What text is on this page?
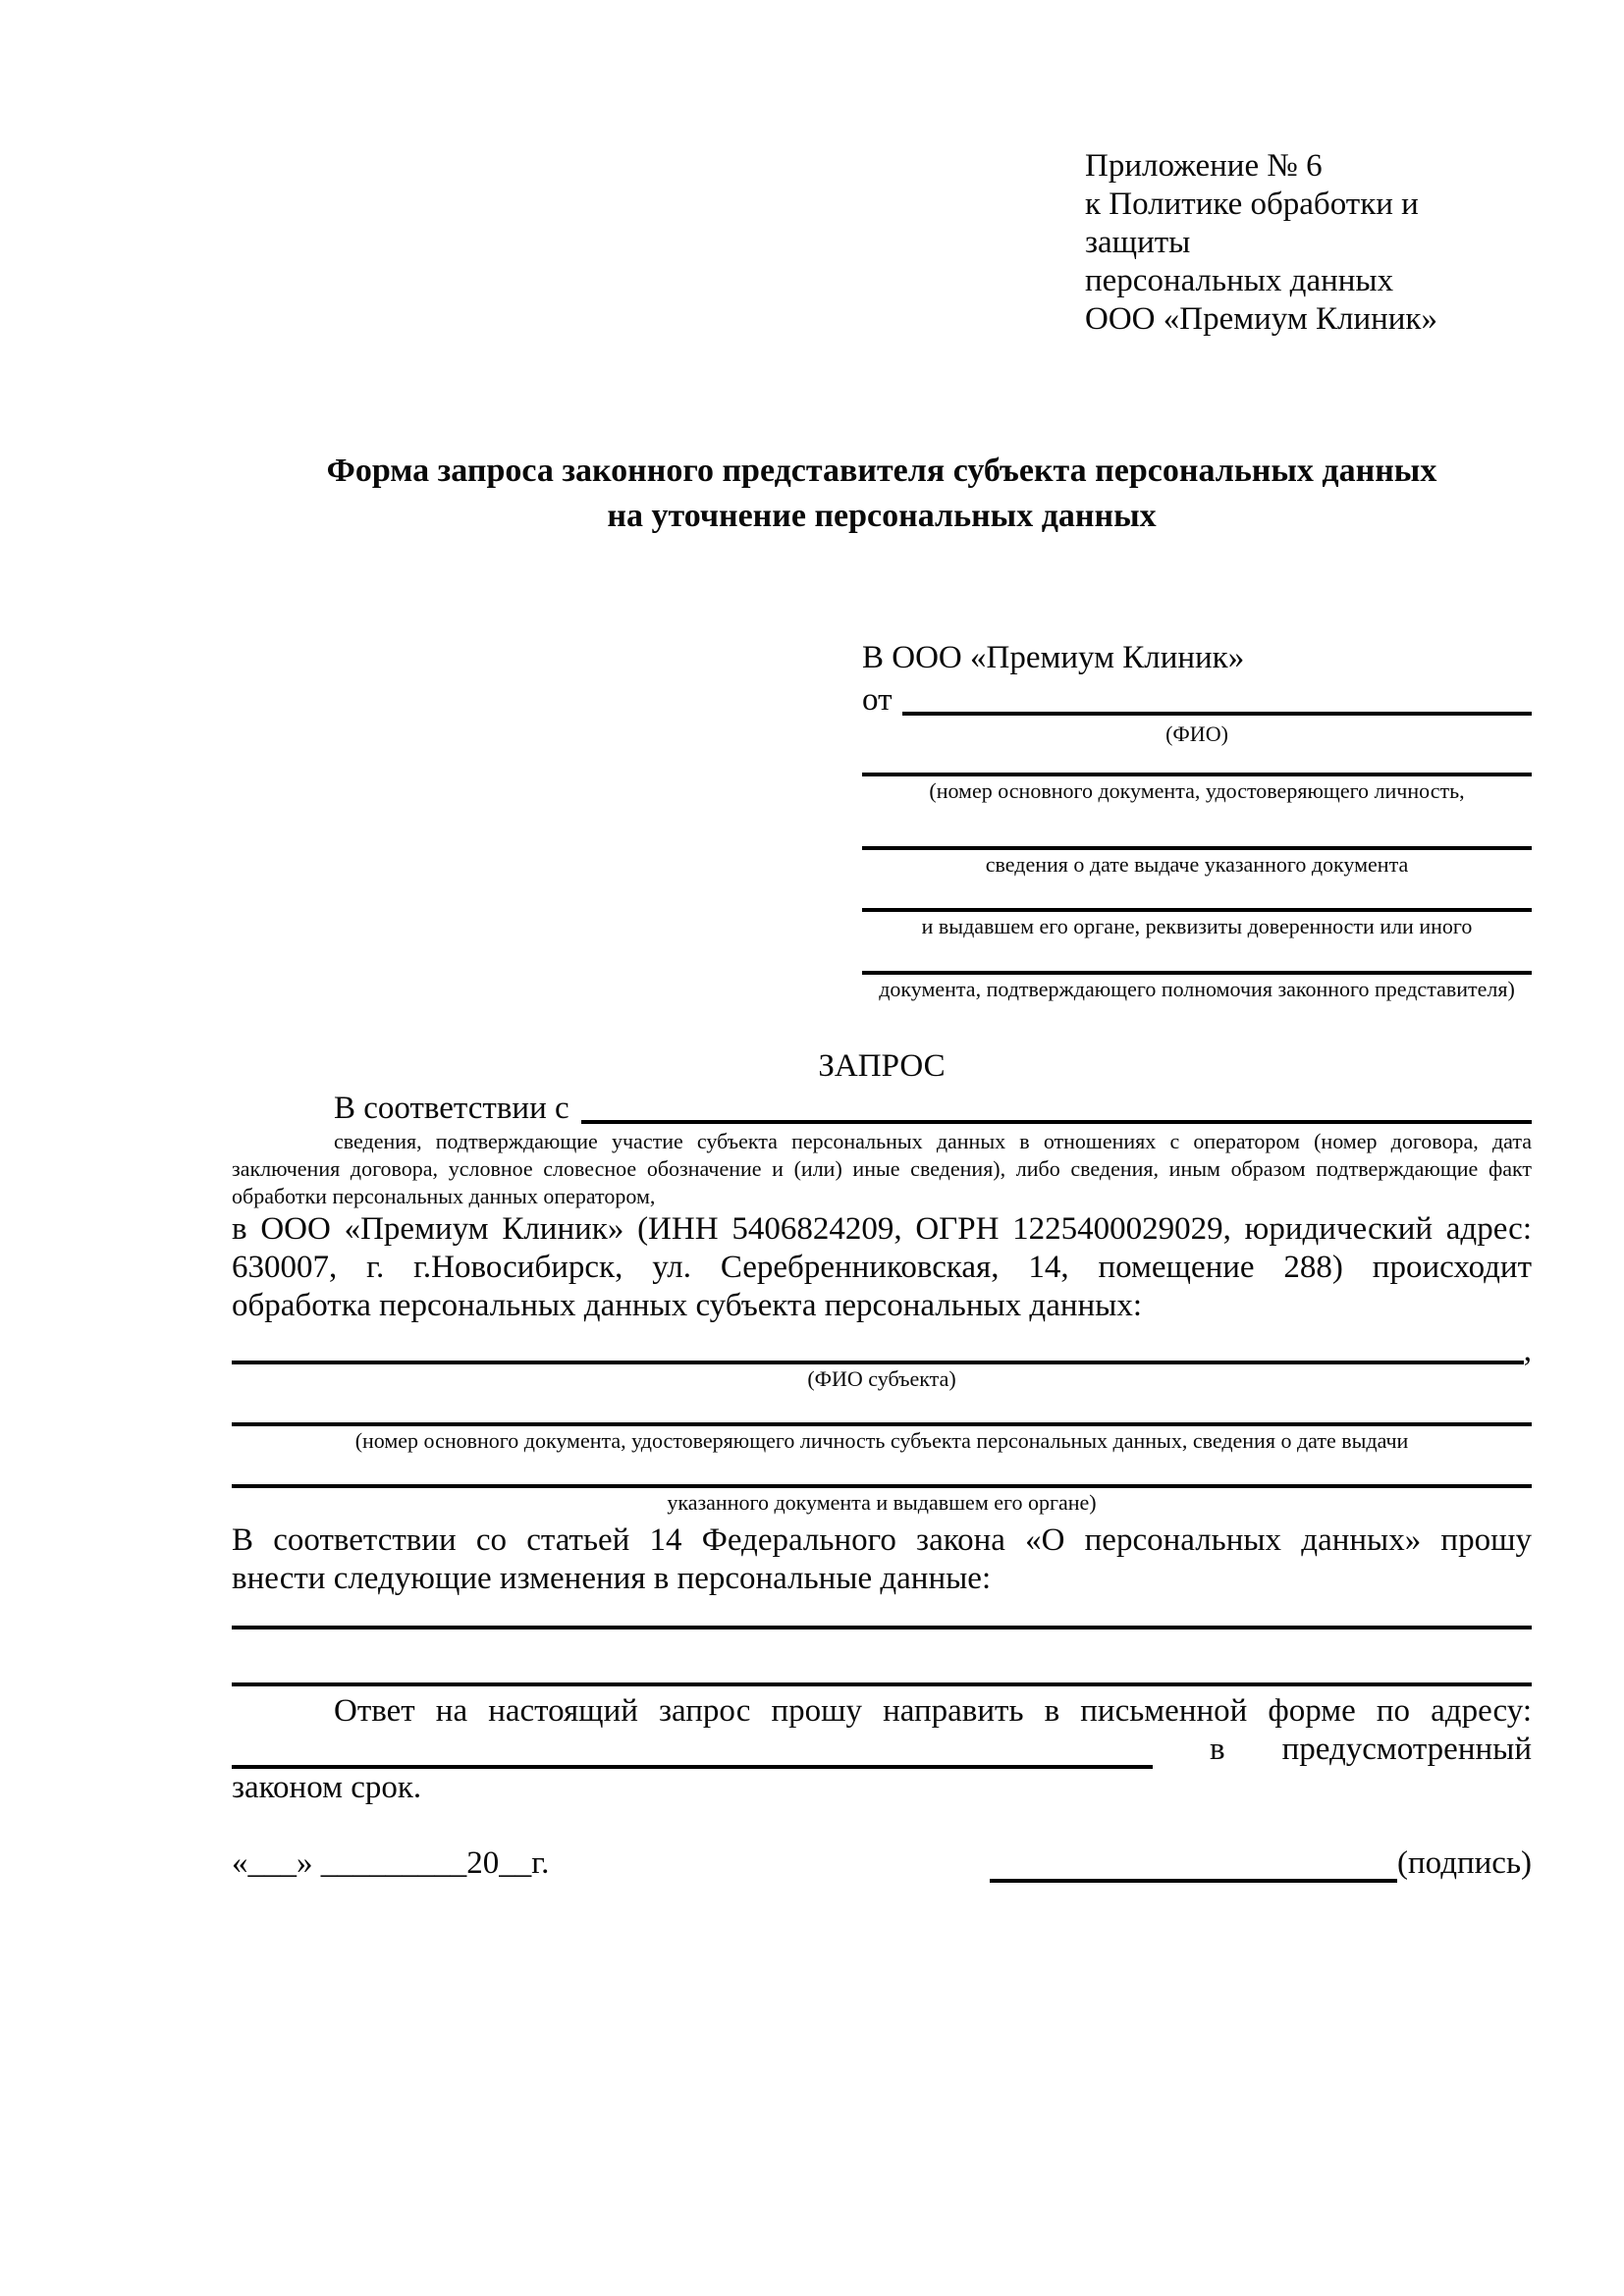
Приложение № 6
к Политике обработки и защиты
персональных данных
ООО «Премиум Клиник»
Форма запроса законного представителя субъекта персональных данных
на уточнение персональных данных
В ООО «Премиум Клиник»
от
(ФИО)
(номер основного документа, удостоверяющего личность,
сведения о дате выдаче указанного документа
и выдавшем его органе, реквизиты доверенности или иного
документа, подтверждающего полномочия законного представителя)
ЗАПРОС
В соответствии с
сведения, подтверждающие участие субъекта персональных данных в отношениях с оператором (номер договора, дата
заключения договора, условное словесное обозначение и (или) иные сведения), либо сведения, иным образом подтверждающие факт
обработки персональных данных оператором,
в ООО «Премиум Клиник» (ИНН 5406824209, ОГРН 1225400029029, юридический адрес:
630007, г. г.Новосибирск, ул. Серебренниковская, 14, помещение 288) происходит
обработка персональных данных субъекта персональных данных:
,
(ФИО субъекта)
(номер основного документа, удостоверяющего личность субъекта персональных данных, сведения о дате выдачи
указанного документа и выдавшем его органе)
В соответствии со статьей 14 Федерального закона «О персональных данных» прошу
внести следующие изменения в персональные данные:
Ответ на настоящий запрос прошу направить в письменной форме по адресу:
в предусмотренный
законом срок.
«___» _________20__г.	(подпись)
